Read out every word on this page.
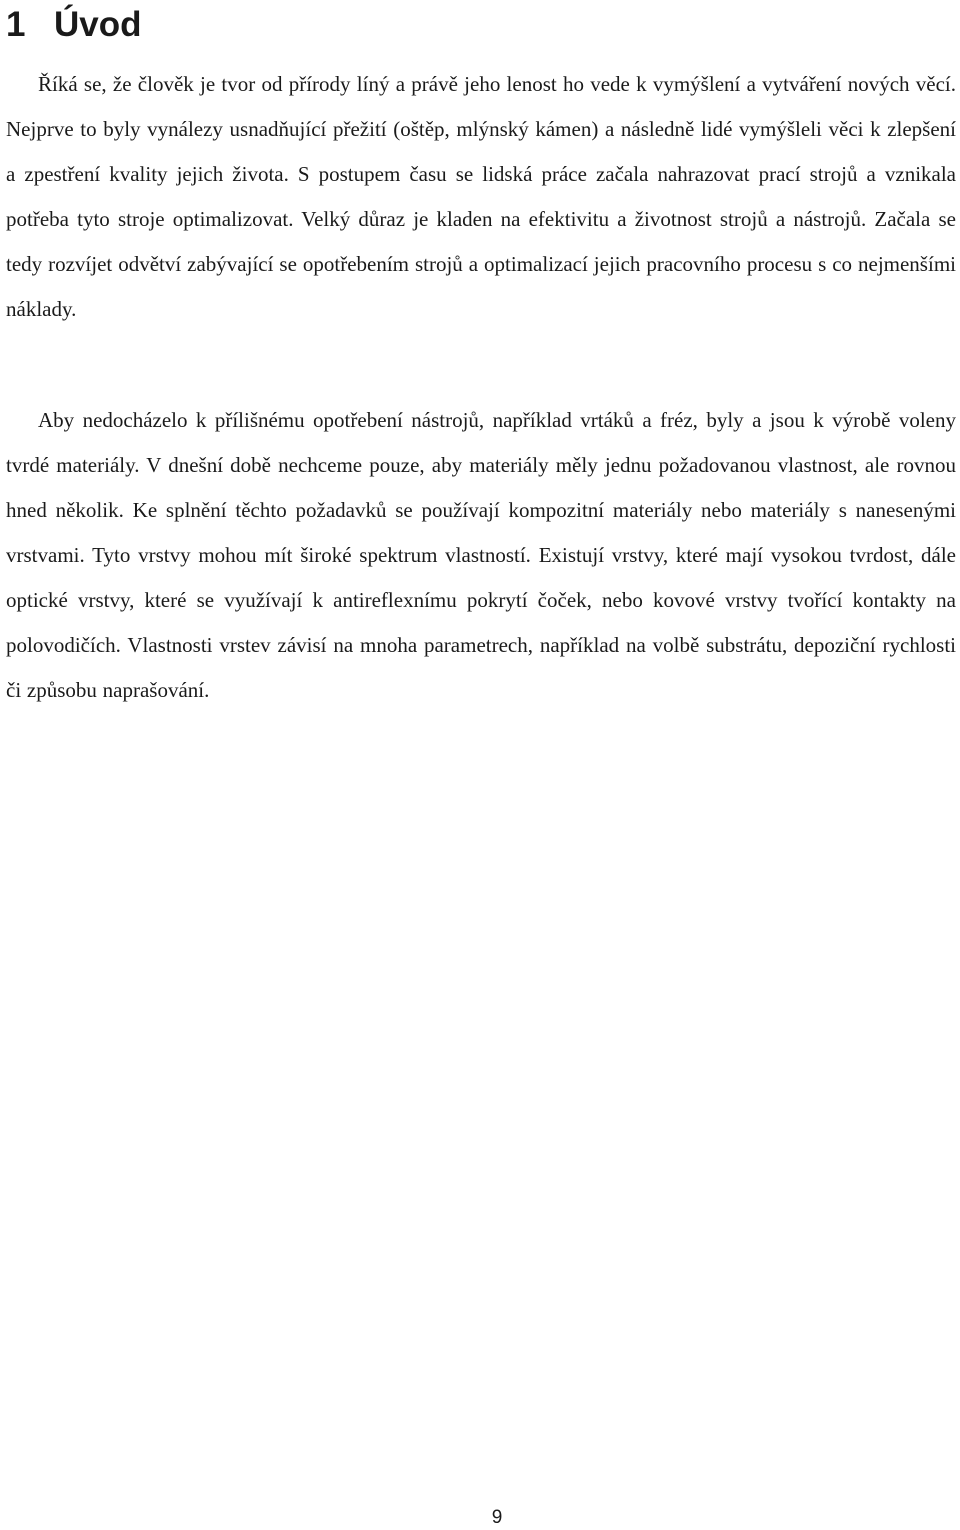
1 Úvod

Říká se, že člověk je tvor od přírody líný a právě jeho lenost ho vede k vymýšlení a vytváření nových věcí. Nejprve to byly vynálezy usnadňující přežití (oštěp, mlýnský kámen) a následně lidé vymýšleli věci k zlepšení a zpestření kvality jejich života. S postupem času se lidská práce začala nahrazovat prací strojů a vznikala potřeba tyto stroje optimalizovat. Velký důraz je kladen na efektivitu a životnost strojů a nástrojů. Začala se tedy rozvíjet odvětví zabývající se opotřebením strojů a optimalizací jejich pracovního procesu s co nejmenšími náklady.

Aby nedocházelo k přílišnému opotřebení nástrojů, například vrtáků a fréz, byly a jsou k výrobě voleny tvrdé materiály. V dnešní době nechceme pouze, aby materiály měly jednu požadovanou vlastnost, ale rovnou hned několik. Ke splnění těchto požadavků se používají kompozitní materiály nebo materiály s nanesenými vrstvami. Tyto vrstvy mohou mít široké spektrum vlastností. Existují vrstvy, které mají vysokou tvrdost, dále optické vrstvy, které se využívají k antireflexnímu pokrytí čoček, nebo kovové vrstvy tvořící kontakty na polovodičích. Vlastnosti vrstev závisí na mnoha parametrech, například na volbě substrátu, depoziční rychlosti či způsobu naprašování.

9
